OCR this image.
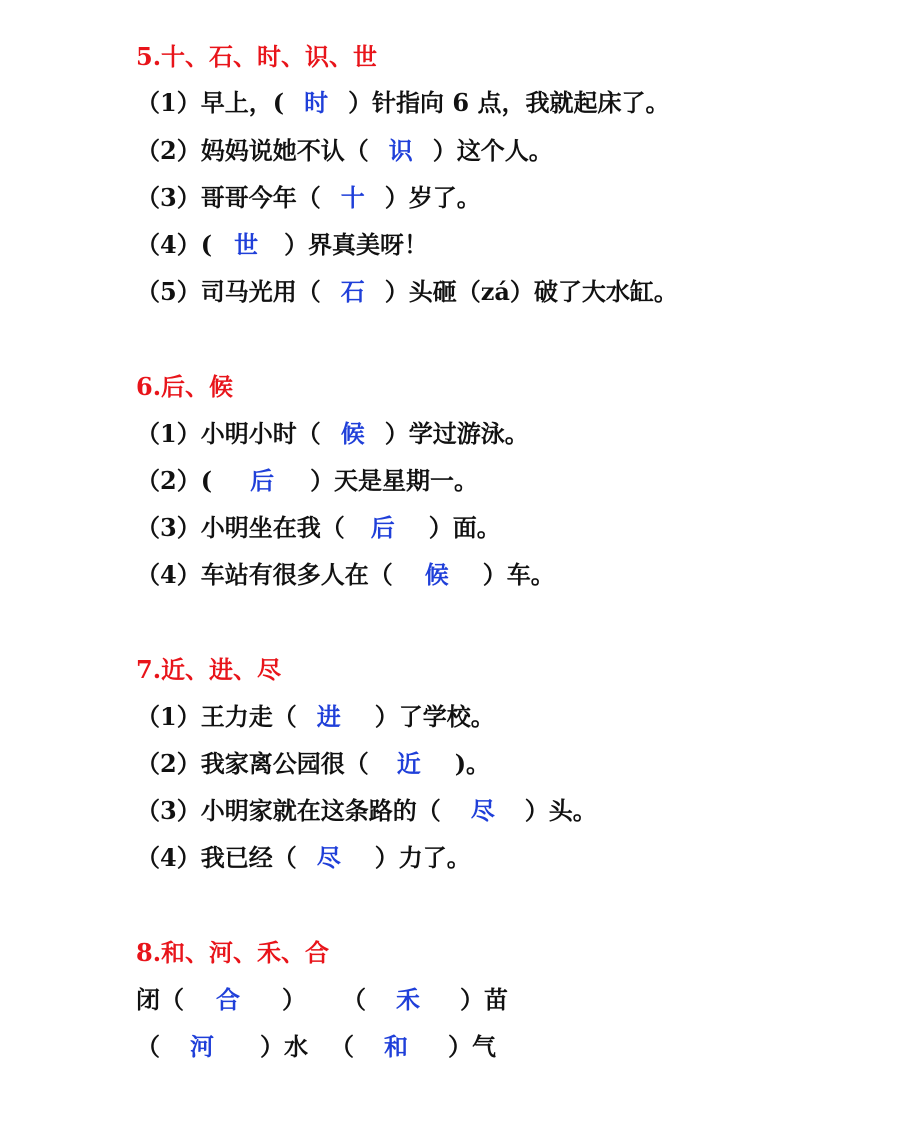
5.十、石、时、识、世
（1）早上，( 时 ）针指向 6 点，我就起床了。
（2）妈妈说她不认（ 识 ）这个人。
（3）哥哥今年（ 十 ）岁了。
（4）( 世 ）界真美呀！
（5）司马光用（ 石 ）头砸（zá）破了大水缸。
6.后、候
（1）小明小时（ 候 ）学过游泳。
（2）( 后 ）天是星期一。
（3）小明坐在我（ 后 ）面。
（4）车站有很多人在（ 候 ）车。
7.近、进、尽
（1）王力走（ 进 ）了学校。
（2）我家离公园很（ 近 )。
（3）小明家就在这条路的（ 尽 ）头。
（4）我已经（ 尽 ）力了。
8.和、河、禾、合
闭（ 合 ） （ 禾 ）苗
（ 河 ）水 （ 和 ）气
